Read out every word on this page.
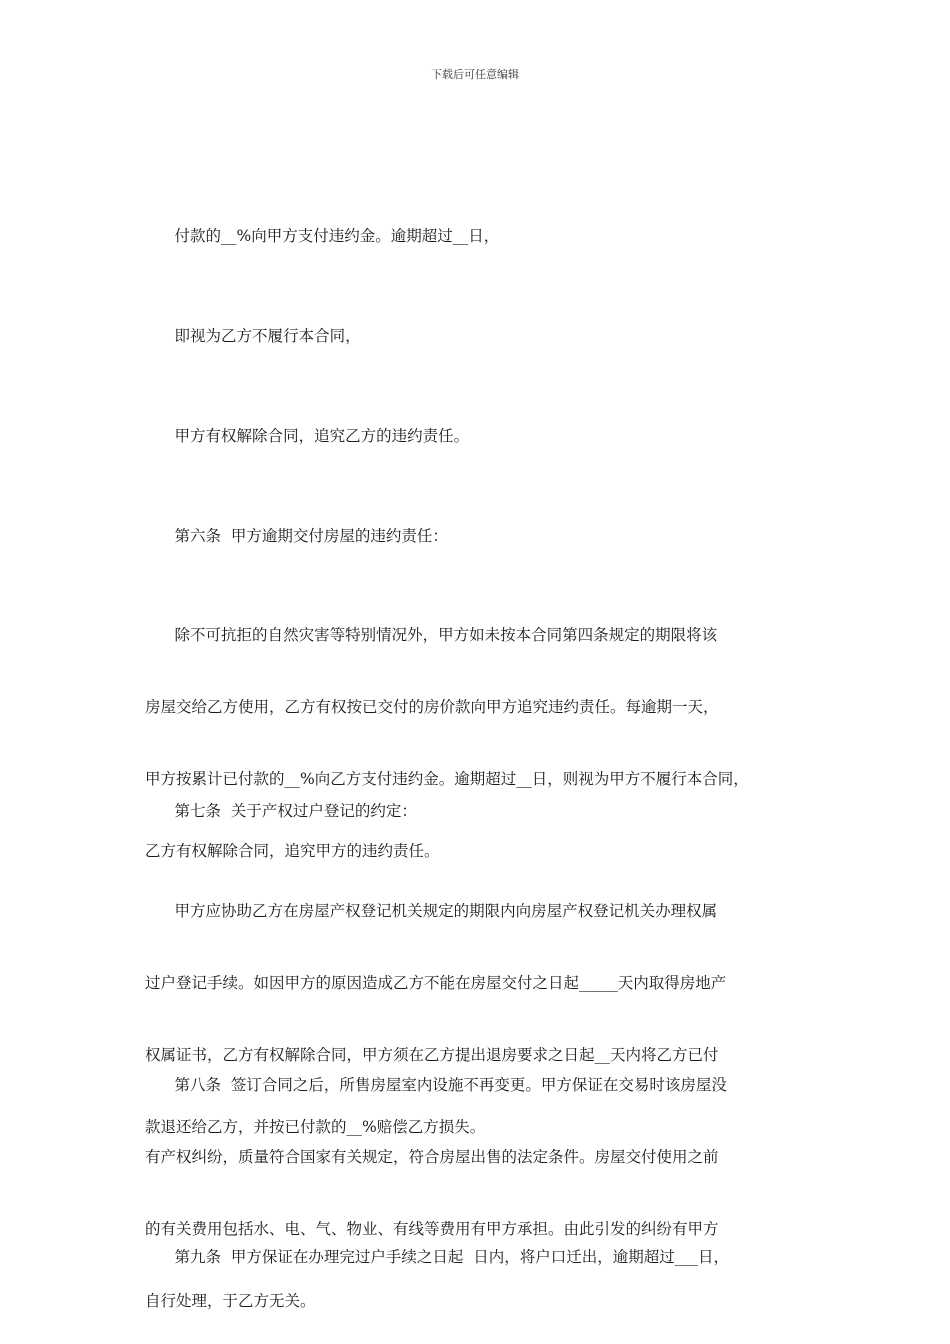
下载后可任意编辑

付款的__%向甲方支付违约金。逾期超过__日，

即视为乙方不履行本合同，

甲方有权解除合同，追究乙方的违约责任。

第六条  甲方逾期交付房屋的违约责任：

除不可抗拒的自然灾害等特别情况外，甲方如未按本合同第四条规定的期限将该

房屋交给乙方使用，乙方有权按已交付的房价款向甲方追究违约责任。每逾期一天，

甲方按累计已付款的__%向乙方支付违约金。逾期超过__日，则视为甲方不履行本合同，

乙方有权解除合同，追究甲方的违约责任。

第七条  关于产权过户登记的约定：

甲方应协助乙方在房屋产权登记机关规定的期限内向房屋产权登记机关办理权属

过户登记手续。如因甲方的原因造成乙方不能在房屋交付之日起_____天内取得房地产

权属证书，乙方有权解除合同，甲方须在乙方提出退房要求之日起__天内将乙方已付

款退还给乙方，并按已付款的__%赔偿乙方损失。

第八条  签订合同之后，所售房屋室内设施不再变更。甲方保证在交易时该房屋没

有产权纠纷，质量符合国家有关规定，符合房屋出售的法定条件。房屋交付使用之前

的有关费用包括水、电、气、物业、有线等费用有甲方承担。由此引发的纠纷有甲方

自行处理，于乙方无关。

第九条  甲方保证在办理完过户手续之日起  日内，将户口迁出，逾期超过___日，
